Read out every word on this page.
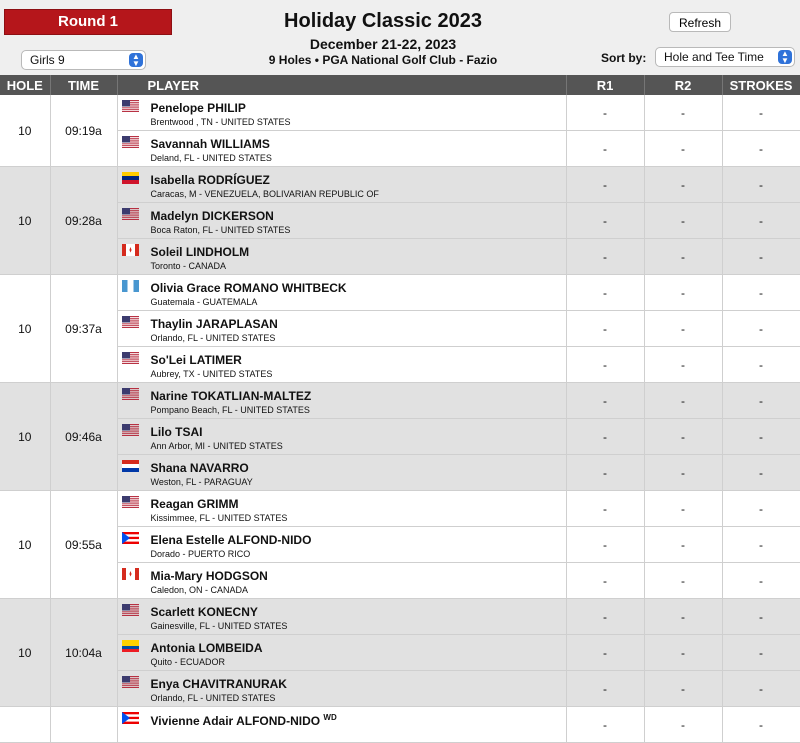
Round 1
Girls 9	▲
▼
Holiday Classic 2023
December 21-22, 2023
9 Holes • PGA National Golf Club - Fazio
Refresh
Sort by:	Hole and Tee Time	▲
▼
HOLE	TIME	PLAYER	R1	R2	STROKES
10	09:19a	Penelope PHILIP
Brentwood , TN - UNITED STATES	-	-	-

		Savannah WILLIAMS
Deland, FL - UNITED STATES	-	-	-
10	09:28a	Isabella RODRÍGUEZ
Caracas, M - VENEZUELA, BOLIVARIAN REPUBLIC OF	-	-	-

		Madelyn DICKERSON
Boca Raton, FL - UNITED STATES	-	-	-

		Soleil LINDHOLM
Toronto - CANADA	-	-	-
10	09:37a	Olivia Grace ROMANO WHITBECK
Guatemala - GUATEMALA	-	-	-

		Thaylin JARAPLASAN
Orlando, FL - UNITED STATES	-	-	-

		So'Lei LATIMER
Aubrey, TX - UNITED STATES	-	-	-
10	09:46a	Narine TOKATLIAN-MALTEZ
Pompano Beach, FL - UNITED STATES	-	-	-

		Lilo TSAI
Ann Arbor, MI - UNITED STATES	-	-	-

		Shana NAVARRO
Weston, FL - PARAGUAY	-	-	-
10	09:55a	Reagan GRIMM
Kissimmee, FL - UNITED STATES	-	-	-

		Elena Estelle ALFOND-NIDO
Dorado - PUERTO RICO	-	-	-

		Mia-Mary HODGSON
Caledon, ON - CANADA	-	-	-
10	10:04a	Scarlett KONECNY
Gainesville, FL - UNITED STATES	-	-	-

		Antonia LOMBEIDA
Quito - ECUADOR	-	-	-

		Enya CHAVITRANURAK
Orlando, FL - UNITED STATES	-	-	-

		Vivienne Adair ALFOND-NIDO $^{WD}$	-	-	-
